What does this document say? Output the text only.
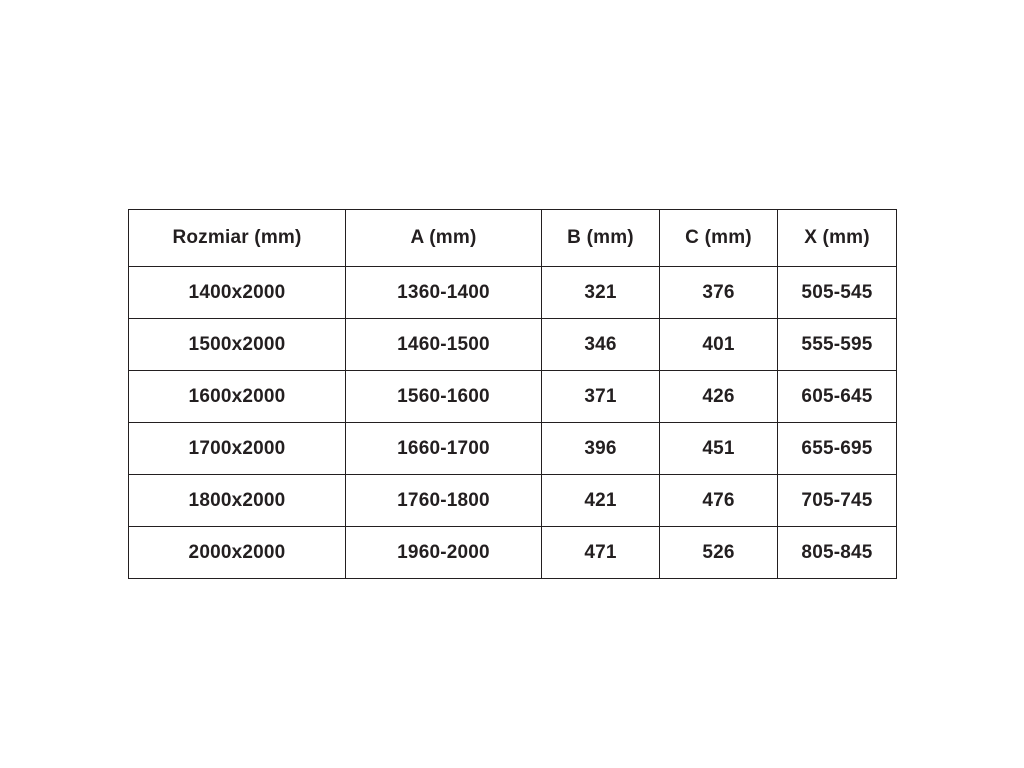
Rozmiar (mm)	A (mm)	B (mm)	C (mm)	X (mm)
1400x2000	1360-1400	321	376	505-545
1500x2000	1460-1500	346	401	555-595
1600x2000	1560-1600	371	426	605-645
1700x2000	1660-1700	396	451	655-695
1800x2000	1760-1800	421	476	705-745
2000x2000	1960-2000	471	526	805-845
